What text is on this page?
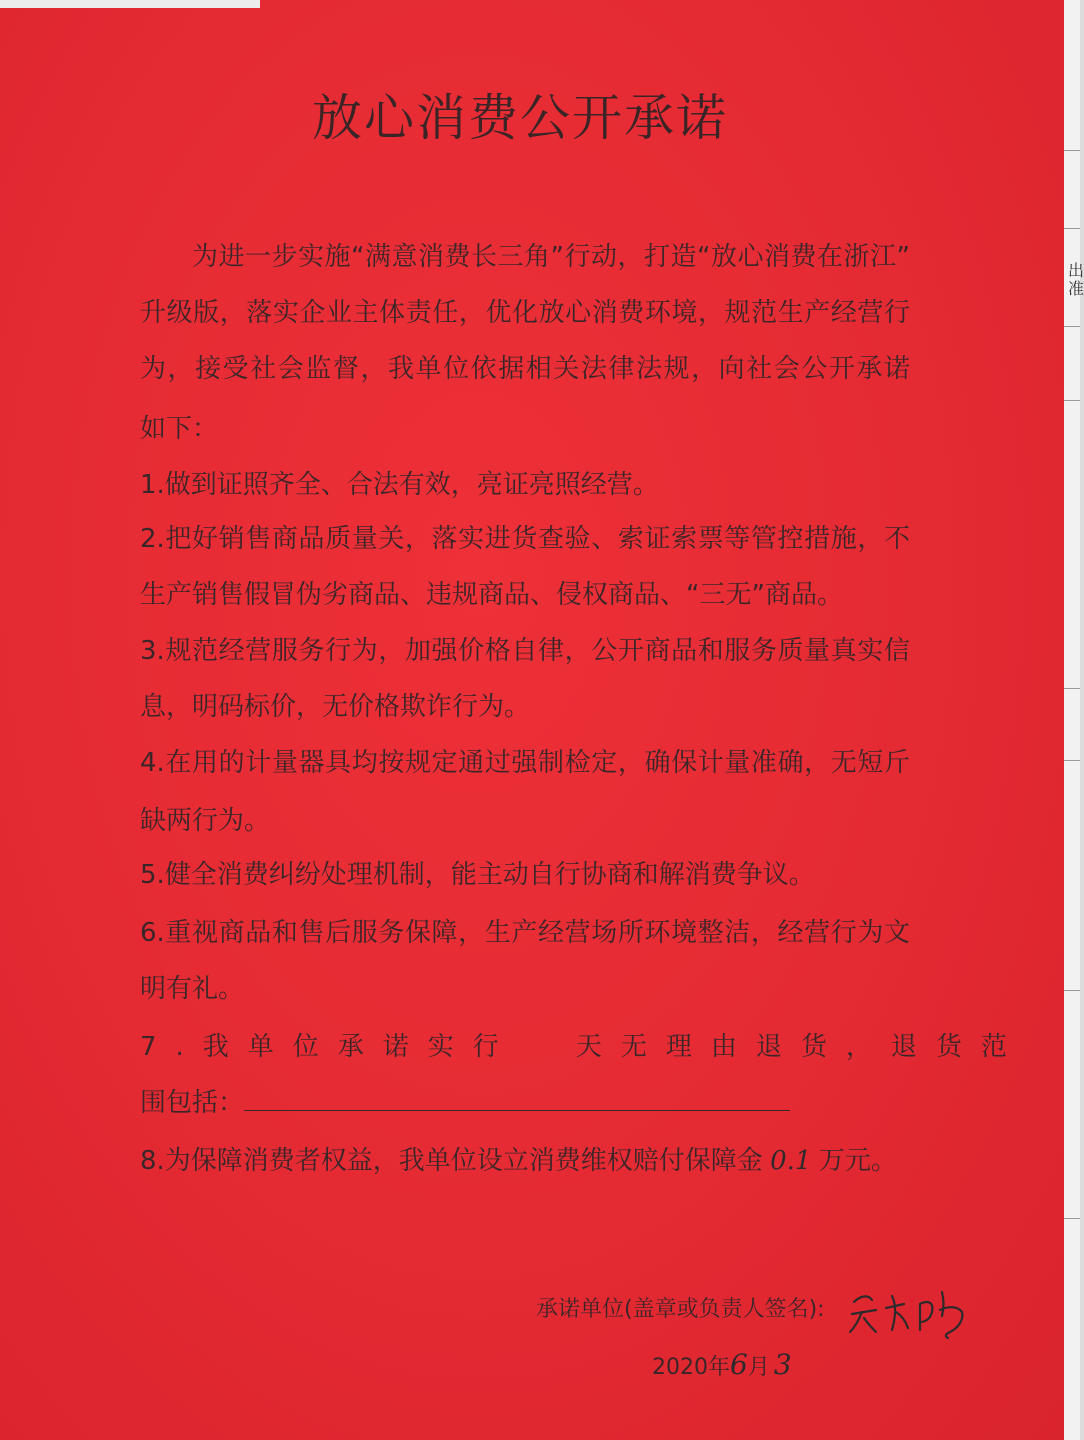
出
准
放心消费公开承诺
为进一步实施“满意消费长三角”行动，打造“放心消费在浙江”
升级版，落实企业主体责任，优化放心消费环境，规范生产经营行
为，接受社会监督，我单位依据相关法律法规，向社会公开承诺
如下：
1.做到证照齐全、合法有效，亮证亮照经营。
2.把好销售商品质量关，落实进货查验、索证索票等管控措施，不
生产销售假冒伪劣商品、违规商品、侵权商品、“三无”商品。
3.规范经营服务行为，加强价格自律，公开商品和服务质量真实信
息，明码标价，无价格欺诈行为。
4.在用的计量器具均按规定通过强制检定，确保计量准确，无短斤
缺两行为。
5.健全消费纠纷处理机制，能主动自行协商和解消费争议。
6.重视商品和售后服务保障，生产经营场所环境整洁，经营行为文
明有礼。
7.我单位承诺实行 天无理由退货，退货范
围包括：
8.为保障消费者权益，我单位设立消费维权赔付保障金 0.1 万元。
承诺单位(盖章或负责人签名):
2020年6月 3
